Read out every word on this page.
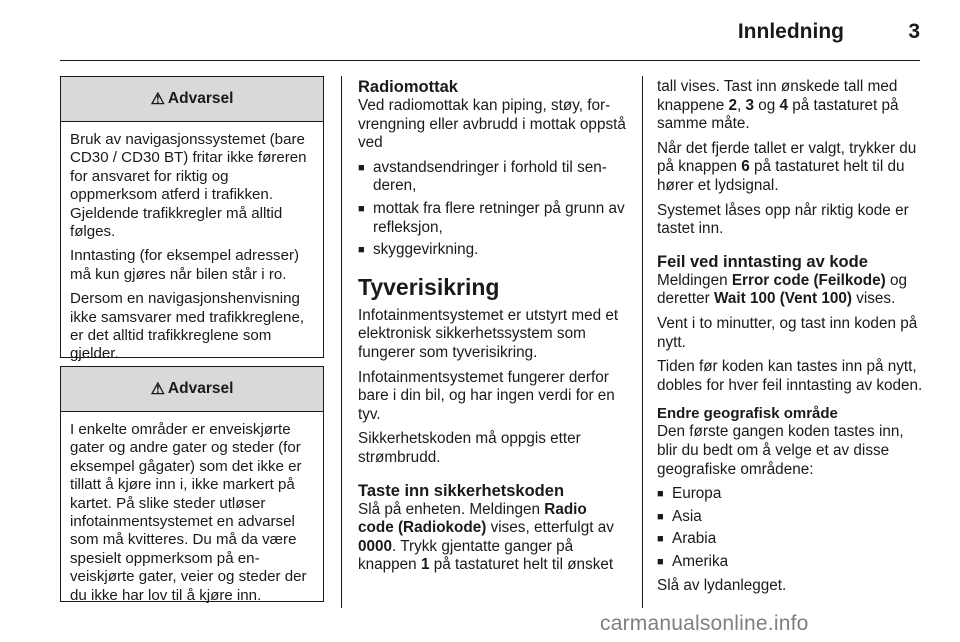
Innledning	3
⚠ Advarsel

Bruk av navigasjonssystemet (bare CD30 / CD30 BT) fritar ikke føreren for ansvaret for riktig og oppmerksom atferd i trafikken. Gjeldende trafikkregler må alltid følges.

Inntasting (for eksempel adresser) må kun gjøres når bilen står i ro.

Dersom en navigasjonshenvisning ikke samsvarer med trafikkreglene, er det alltid trafikkreglene som gjelder.

⚠ Advarsel

I enkelte områder er enveiskjørte gater og andre gater og steder (for eksempel gågater) som det ikke er tillatt å kjøre inn i, ikke markert på kartet. På slike steder utløser infotainmentsystemet en advarsel som må kvitteres. Du må da være spesielt oppmerksom på enveiskjørte gater, veier og steder der du ikke har lov til å kjøre inn.

Radiomottak

Ved radiomottak kan piping, støy, forvrengning eller avbrudd i mottak oppstå ved

■ avstandsendringer i forhold til senderen,
■ mottak fra flere retninger på grunn av refleksjon,
■ skyggevirkning.
Tyverisikring

Infotainmentsystemet er utstyrt med et elektronisk sikkerhetssystem som fungerer som tyverisikring.

Infotainmentsystemet fungerer derfor bare i din bil, og har ingen verdi for en tyv.

Sikkerhetskoden må oppgis etter strømbrudd.

Taste inn sikkerhetskoden

Slå på enheten. Meldingen Radio code (Radiokode) vises, etterfulgt av 0000. Trykk gjentatte ganger på knappen 1 på tastaturet helt til ønsket

tall vises. Tast inn ønskede tall med knappene 2, 3 og 4 på tastaturet på samme måte.

Når det fjerde tallet er valgt, trykker du på knappen 6 på tastaturet helt til du hører et lydsignal.

Systemet låses opp når riktig kode er tastet inn.

Feil ved inntasting av kode

Meldingen Error code (Feilkode) og deretter Wait 100 (Vent 100) vises.

Vent i to minutter, og tast inn koden på nytt.

Tiden før koden kan tastes inn på nytt, dobles for hver feil inntasting av koden.

Endre geografisk område

Den første gangen koden tastes inn, blir du bedt om å velge et av disse geografiske områdene:

■ Europa
■ Asia
■ Arabia
■ Amerika

Slå av lydanlegget.

carmanualsonline.info
